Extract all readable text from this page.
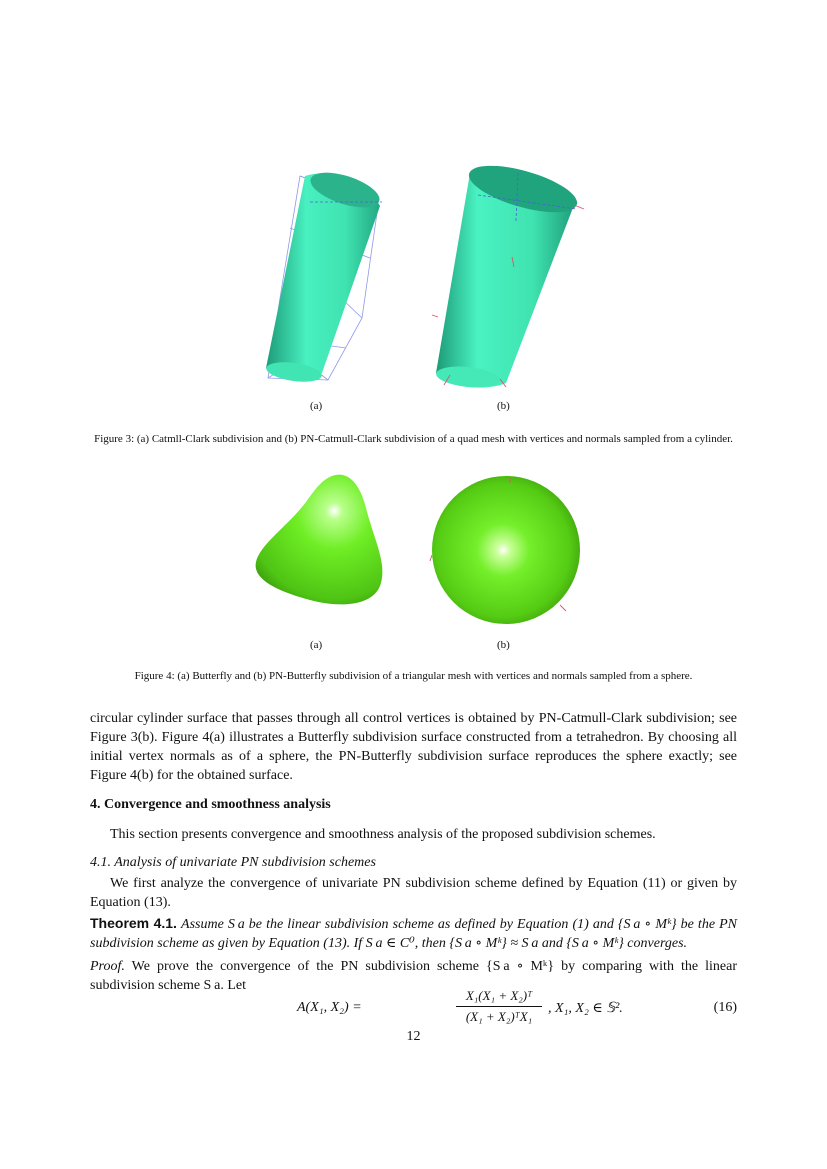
(a)	(b)
Figure 3: (a) Catmll-Clark subdivision and (b) PN-Catmull-Clark subdivision of a quad mesh with vertices and normals sampled from a cylinder.
(a)	(b)
Figure 4: (a) Butterfly and (b) PN-Butterfly subdivision of a triangular mesh with vertices and normals sampled from a sphere.
circular cylinder surface that passes through all control vertices is obtained by PN-Catmull-Clark subdivision; see Figure 3(b). Figure 4(a) illustrates a Butterfly subdivision surface constructed from a tetrahedron. By choosing all initial vertex normals as of a sphere, the PN-Butterfly subdivision surface reproduces the sphere exactly; see Figure 4(b) for the obtained surface.
4. Convergence and smoothness analysis
This section presents convergence and smoothness analysis of the proposed subdivision schemes.
4.1. Analysis of univariate PN subdivision schemes
We first analyze the convergence of univariate PN subdivision scheme defined by Equation (11) or given by Equation (13).
Theorem 4.1. Assume S a be the linear subdivision scheme as defined by Equation (1) and {S a ∘ Mᵏ} be the PN subdivision scheme as given by Equation (13). If S a ∈ C⁰, then {S a ∘ Mᵏ} ≈ S a and {S a ∘ Mᵏ} converges.
Proof. We prove the convergence of the PN subdivision scheme {S a ∘ Mᵏ} by comparing with the linear subdivision scheme S a. Let
A(X₁, X₂) =	$\frac{\text{X₁(X₁ + X₂)ᵀ}}{\text{(X₁ + X₂)ᵀX₁}}$ , X₁, X₂ ∈ 𝕊².	(16)
12
